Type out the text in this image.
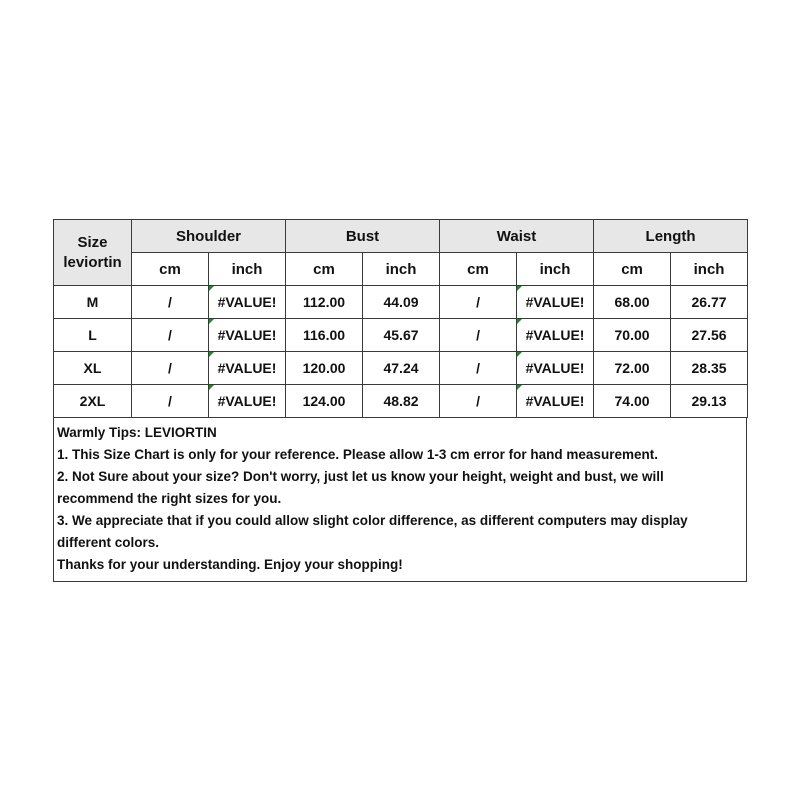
Size
leviortin	Shoulder		Bust		Waist		Length	
	cm	inch	cm	inch	cm	inch	cm	inch
M	/	#VALUE!	112.00	44.09	/	#VALUE!	68.00	26.77
L	/	#VALUE!	116.00	45.67	/	#VALUE!	70.00	27.56
XL	/	#VALUE!	120.00	47.24	/	#VALUE!	72.00	28.35
2XL	/	#VALUE!	124.00	48.82	/	#VALUE!	74.00	29.13
Warmly Tips: LEVIORTIN
1. This Size Chart is only for your reference. Please allow 1-3 cm error for hand measurement.
2. Not Sure about your size? Don't worry, just let us know your height, weight and bust, we will
recommend the right sizes for you.
3. We appreciate that if you could allow slight color difference, as different computers may display
different colors.
Thanks for your understanding. Enjoy your shopping!
